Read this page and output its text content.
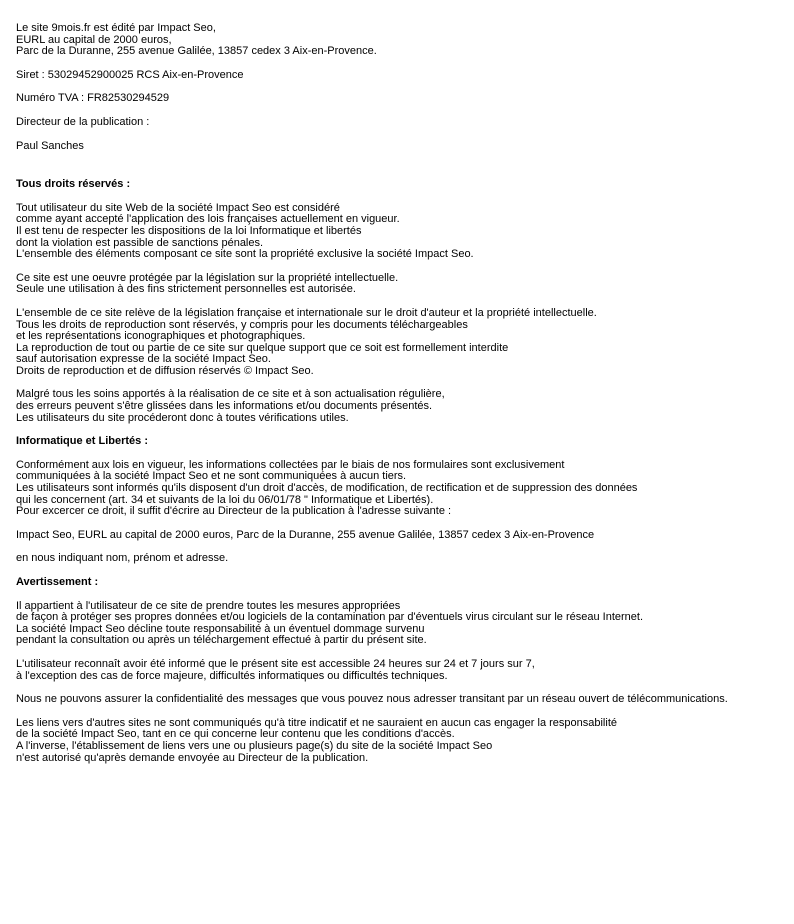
Le site 9mois.fr est édité par Impact Seo,
EURL au capital de 2000 euros,
Parc de la Duranne, 255 avenue Galilée, 13857 cedex 3 Aix-en-Provence.
Siret : 53029452900025 RCS Aix-en-Provence
Numéro TVA : FR82530294529
Directeur de la publication :
Paul Sanches
Tous droits réservés :
Tout utilisateur du site Web de la société Impact Seo est considéré
comme ayant accepté l'application des lois françaises actuellement en vigueur.
Il est tenu de respecter les dispositions de la loi Informatique et libertés
dont la violation est passible de sanctions pénales.
L'ensemble des éléments composant ce site sont la propriété exclusive la société Impact Seo.
Ce site est une oeuvre protégée par la législation sur la propriété intellectuelle.
Seule une utilisation à des fins strictement personnelles est autorisée.
L'ensemble de ce site relève de la législation française et internationale sur le droit d'auteur et la propriété intellectuelle.
Tous les droits de reproduction sont réservés, y compris pour les documents téléchargeables
et les représentations iconographiques et photographiques.
La reproduction de tout ou partie de ce site sur quelque support que ce soit est formellement interdite
sauf autorisation expresse de la société Impact Seo.
Droits de reproduction et de diffusion réservés © Impact Seo.
Malgré tous les soins apportés à la réalisation de ce site et à son actualisation régulière,
des erreurs peuvent s'être glissées dans les informations et/ou documents présentés.
Les utilisateurs du site procéderont donc à toutes vérifications utiles.
Informatique et Libertés :
Conformément aux lois en vigueur, les informations collectées par le biais de nos formulaires sont exclusivement
communiquées à la société Impact Seo et ne sont communiquées à aucun tiers.
Les utilisateurs sont informés qu'ils disposent d'un droit d'accès, de modification, de rectification et de suppression des données
qui les concernent (art. 34 et suivants de la loi du 06/01/78 " Informatique et Libertés).
Pour excercer ce droit, il suffit d'écrire au Directeur de la publication à l'adresse suivante :
Impact Seo, EURL au capital de 2000 euros, Parc de la Duranne, 255 avenue Galilée, 13857 cedex 3 Aix-en-Provence
en nous indiquant nom, prénom et adresse.
Avertissement :
Il appartient à l'utilisateur de ce site de prendre toutes les mesures appropriées
de façon à protéger ses propres données et/ou logiciels de la contamination par d'éventuels virus circulant sur le réseau Internet.
La société Impact Seo décline toute responsabilité à un éventuel dommage survenu
pendant la consultation ou après un téléchargement effectué à partir du présent site.
L'utilisateur reconnaît avoir été informé que le présent site est accessible 24 heures sur 24 et 7 jours sur 7,
à l'exception des cas de force majeure, difficultés informatiques ou difficultés techniques.
Nous ne pouvons assurer la confidentialité des messages que vous pouvez nous adresser transitant par un réseau ouvert de télécommunications.
Les liens vers d'autres sites ne sont communiqués qu'à titre indicatif et ne sauraient en aucun cas engager la responsabilité
de la société Impact Seo, tant en ce qui concerne leur contenu que les conditions d'accès.
A l'inverse, l'établissement de liens vers une ou plusieurs page(s) du site de la société Impact Seo
n'est autorisé qu'après demande envoyée au Directeur de la publication.
